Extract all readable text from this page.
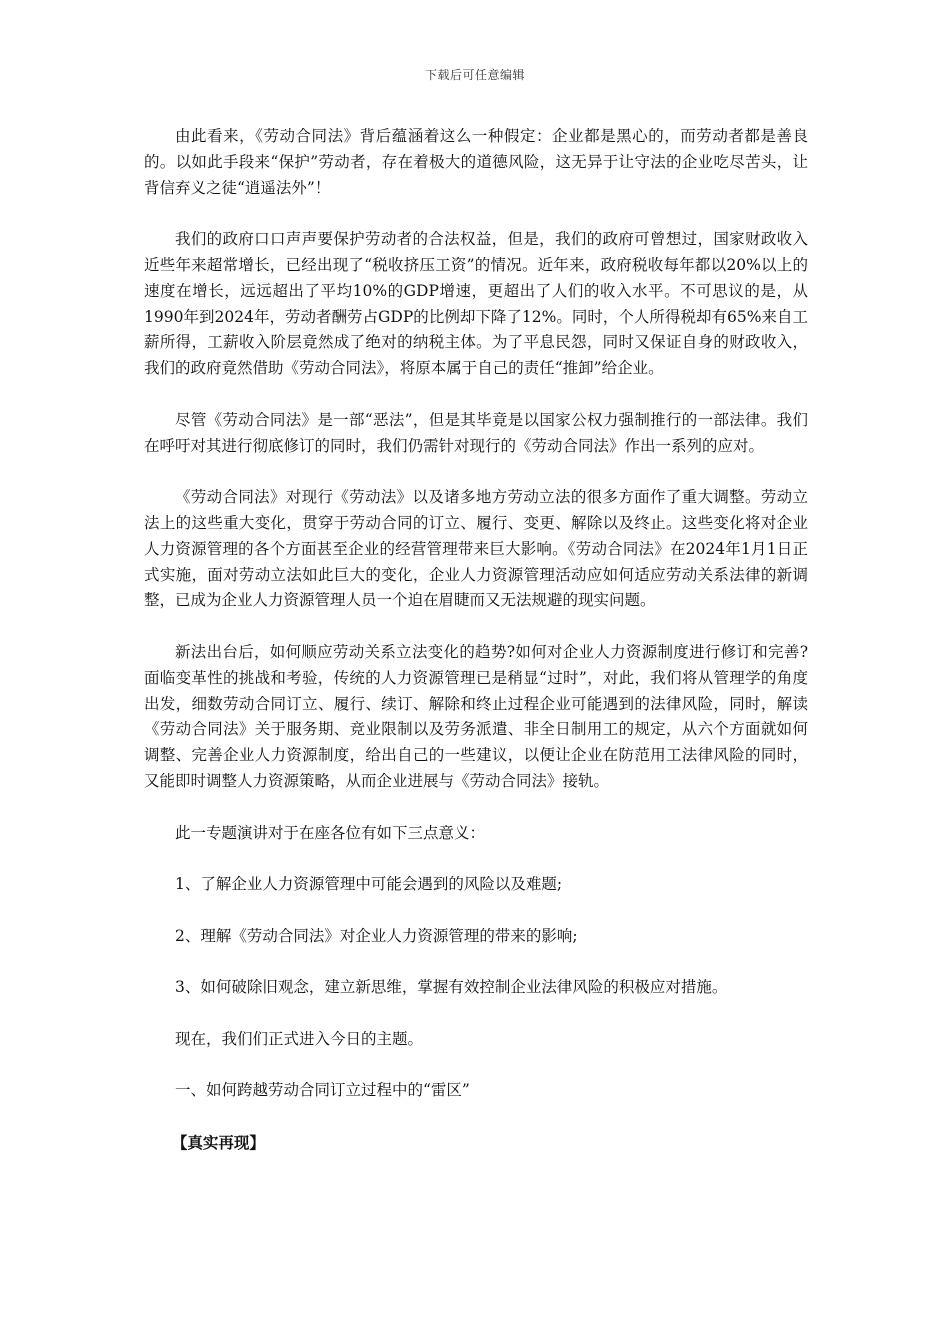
下载后可任意编辑

由此看来，《劳动合同法》背后蕴涵着这么一种假定：企业都是黑心的，而劳动者都是善良的。以如此手段来“保护”劳动者，存在着极大的道德风险，这无异于让守法的企业吃尽苦头，让背信弃义之徒“逍遥法外”！

我们的政府口口声声要保护劳动者的合法权益，但是，我们的政府可曾想过，国家财政收入近些年来超常增长，已经出现了“税收挤压工资”的情况。近年来，政府税收每年都以20%以上的速度在增长，远远超出了平均10%的GDP增速，更超出了人们的收入水平。不可思议的是，从1990年到2024年，劳动者酬劳占GDP的比例却下降了12%。同时，个人所得税却有65%来自工薪所得，工薪收入阶层竟然成了绝对的纳税主体。为了平息民怨，同时又保证自身的财政收入，我们的政府竟然借助《劳动合同法》，将原本属于自己的责任“推卸”给企业。

尽管《劳动合同法》是一部“恶法”，但是其毕竟是以国家公权力强制推行的一部法律。我们在呼吁对其进行彻底修订的同时，我们仍需针对现行的《劳动合同法》作出一系列的应对。

《劳动合同法》对现行《劳动法》以及诸多地方劳动立法的很多方面作了重大调整。劳动立法上的这些重大变化，贯穿于劳动合同的订立、履行、变更、解除以及终止。这些变化将对企业人力资源管理的各个方面甚至企业的经营管理带来巨大影响。《劳动合同法》在2024年1月1日正式实施，面对劳动立法如此巨大的变化，企业人力资源管理活动应如何适应劳动关系法律的新调整，已成为企业人力资源管理人员一个迫在眉睫而又无法规避的现实问题。

新法出台后，如何顺应劳动关系立法变化的趋势?如何对企业人力资源制度进行修订和完善?面临变革性的挑战和考验，传统的人力资源管理已是稍显“过时”，对此，我们将从管理学的角度出发，细数劳动合同订立、履行、续订、解除和终止过程企业可能遇到的法律风险，同时，解读《劳动合同法》关于服务期、竞业限制以及劳务派遣、非全日制用工的规定，从六个方面就如何调整、完善企业人力资源制度，给出自己的一些建议，以便让企业在防范用工法律风险的同时，又能即时调整人力资源策略，从而企业进展与《劳动合同法》接轨。

此一专题演讲对于在座各位有如下三点意义：

1、了解企业人力资源管理中可能会遇到的风险以及难题;

2、理解《劳动合同法》对企业人力资源管理的带来的影响;

3、如何破除旧观念，建立新思维，掌握有效控制企业法律风险的积极应对措施。

现在，我们们正式进入今日的主题。

一、如何跨越劳动合同订立过程中的“雷区”

【真实再现】
